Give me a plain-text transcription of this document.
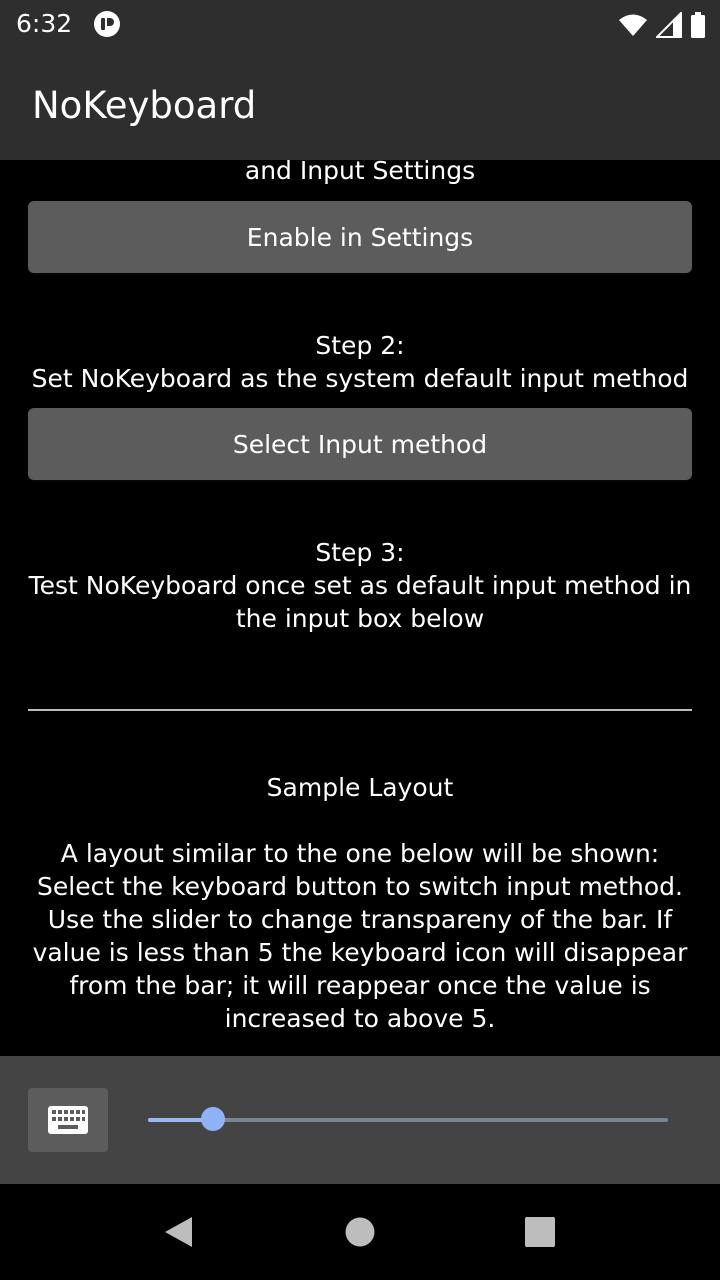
6:32
NoKeyboard
and Input Settings
Enable in Settings
Step 2:
Set NoKeyboard as the system default input method
Select Input method
Step 3:
Test NoKeyboard once set as default input method in the input box below
Sample Layout
A layout similar to the one below will be shown:
Select the keyboard button to switch input method.
Use the slider to change transpareny of the bar. If value is less than 5 the keyboard icon will disappear from the bar; it will reappear once the value is increased to above 5.
